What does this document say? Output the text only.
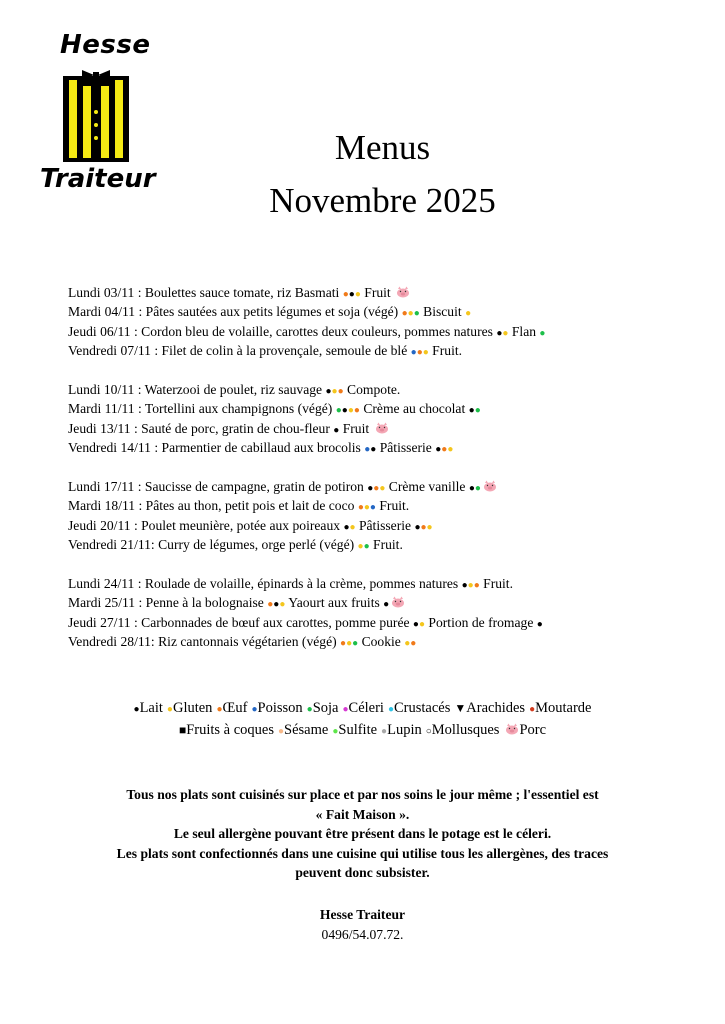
Hesse
Traiteur
Menus
Novembre 2025
Lundi 03/11 : Boulettes sauce tomate, riz Basmati ●●● Fruit
Mardi 04/11 : Pâtes sautées aux petits légumes et soja (végé) ●●● Biscuit ●
Jeudi 06/11 : Cordon bleu de volaille, carottes deux couleurs, pommes natures ●● Flan ●
Vendredi 07/11 : Filet de colin à la provençale, semoule de blé ●●● Fruit.
Lundi 10/11 : Waterzooi de poulet, riz sauvage ●●● Compote.
Mardi 11/11 : Tortellini aux champignons (végé) ●●●● Crème au chocolat ●●
Jeudi 13/11 : Sauté de porc, gratin de chou-fleur ● Fruit
Vendredi 14/11 : Parmentier de cabillaud aux brocolis ●● Pâtisserie ●●●
Lundi 17/11 : Saucisse de campagne, gratin de potiron ●●● Crème vanille ●●
Mardi 18/11 : Pâtes au thon, petit pois et lait de coco ●●● Fruit.
Jeudi 20/11 : Poulet meunière, potée aux poireaux ●● Pâtisserie ●●●
Vendredi 21/11: Curry de légumes, orge perlé (végé) ●● Fruit.
Lundi 24/11 : Roulade de volaille, épinards à la crème, pommes natures ●●● Fruit.
Mardi 25/11 : Penne à la bolognaise ●●● Yaourt aux fruits ●
Jeudi 27/11 : Carbonnades de bœuf aux carottes, pomme purée ●● Portion de fromage ●
Vendredi 28/11: Riz cantonnais végétarien (végé) ●●● Cookie ●●
●Lait ●Gluten ●Œuf ●Poisson ●Soja ●Céleri ●Crustacés ▼Arachides ●Moutarde
■Fruits à coques ●Sésame ●Sulfite ●Lupin ○Mollusques Porc
Tous nos plats sont cuisinés sur place et par nos soins le jour même ; l'essentiel est
« Fait Maison ».
Le seul allergène pouvant être présent dans le potage est le céleri.
Les plats sont confectionnés dans une cuisine qui utilise tous les allergènes, des traces
peuvent donc subsister.
Hesse Traiteur
0496/54.07.72.
